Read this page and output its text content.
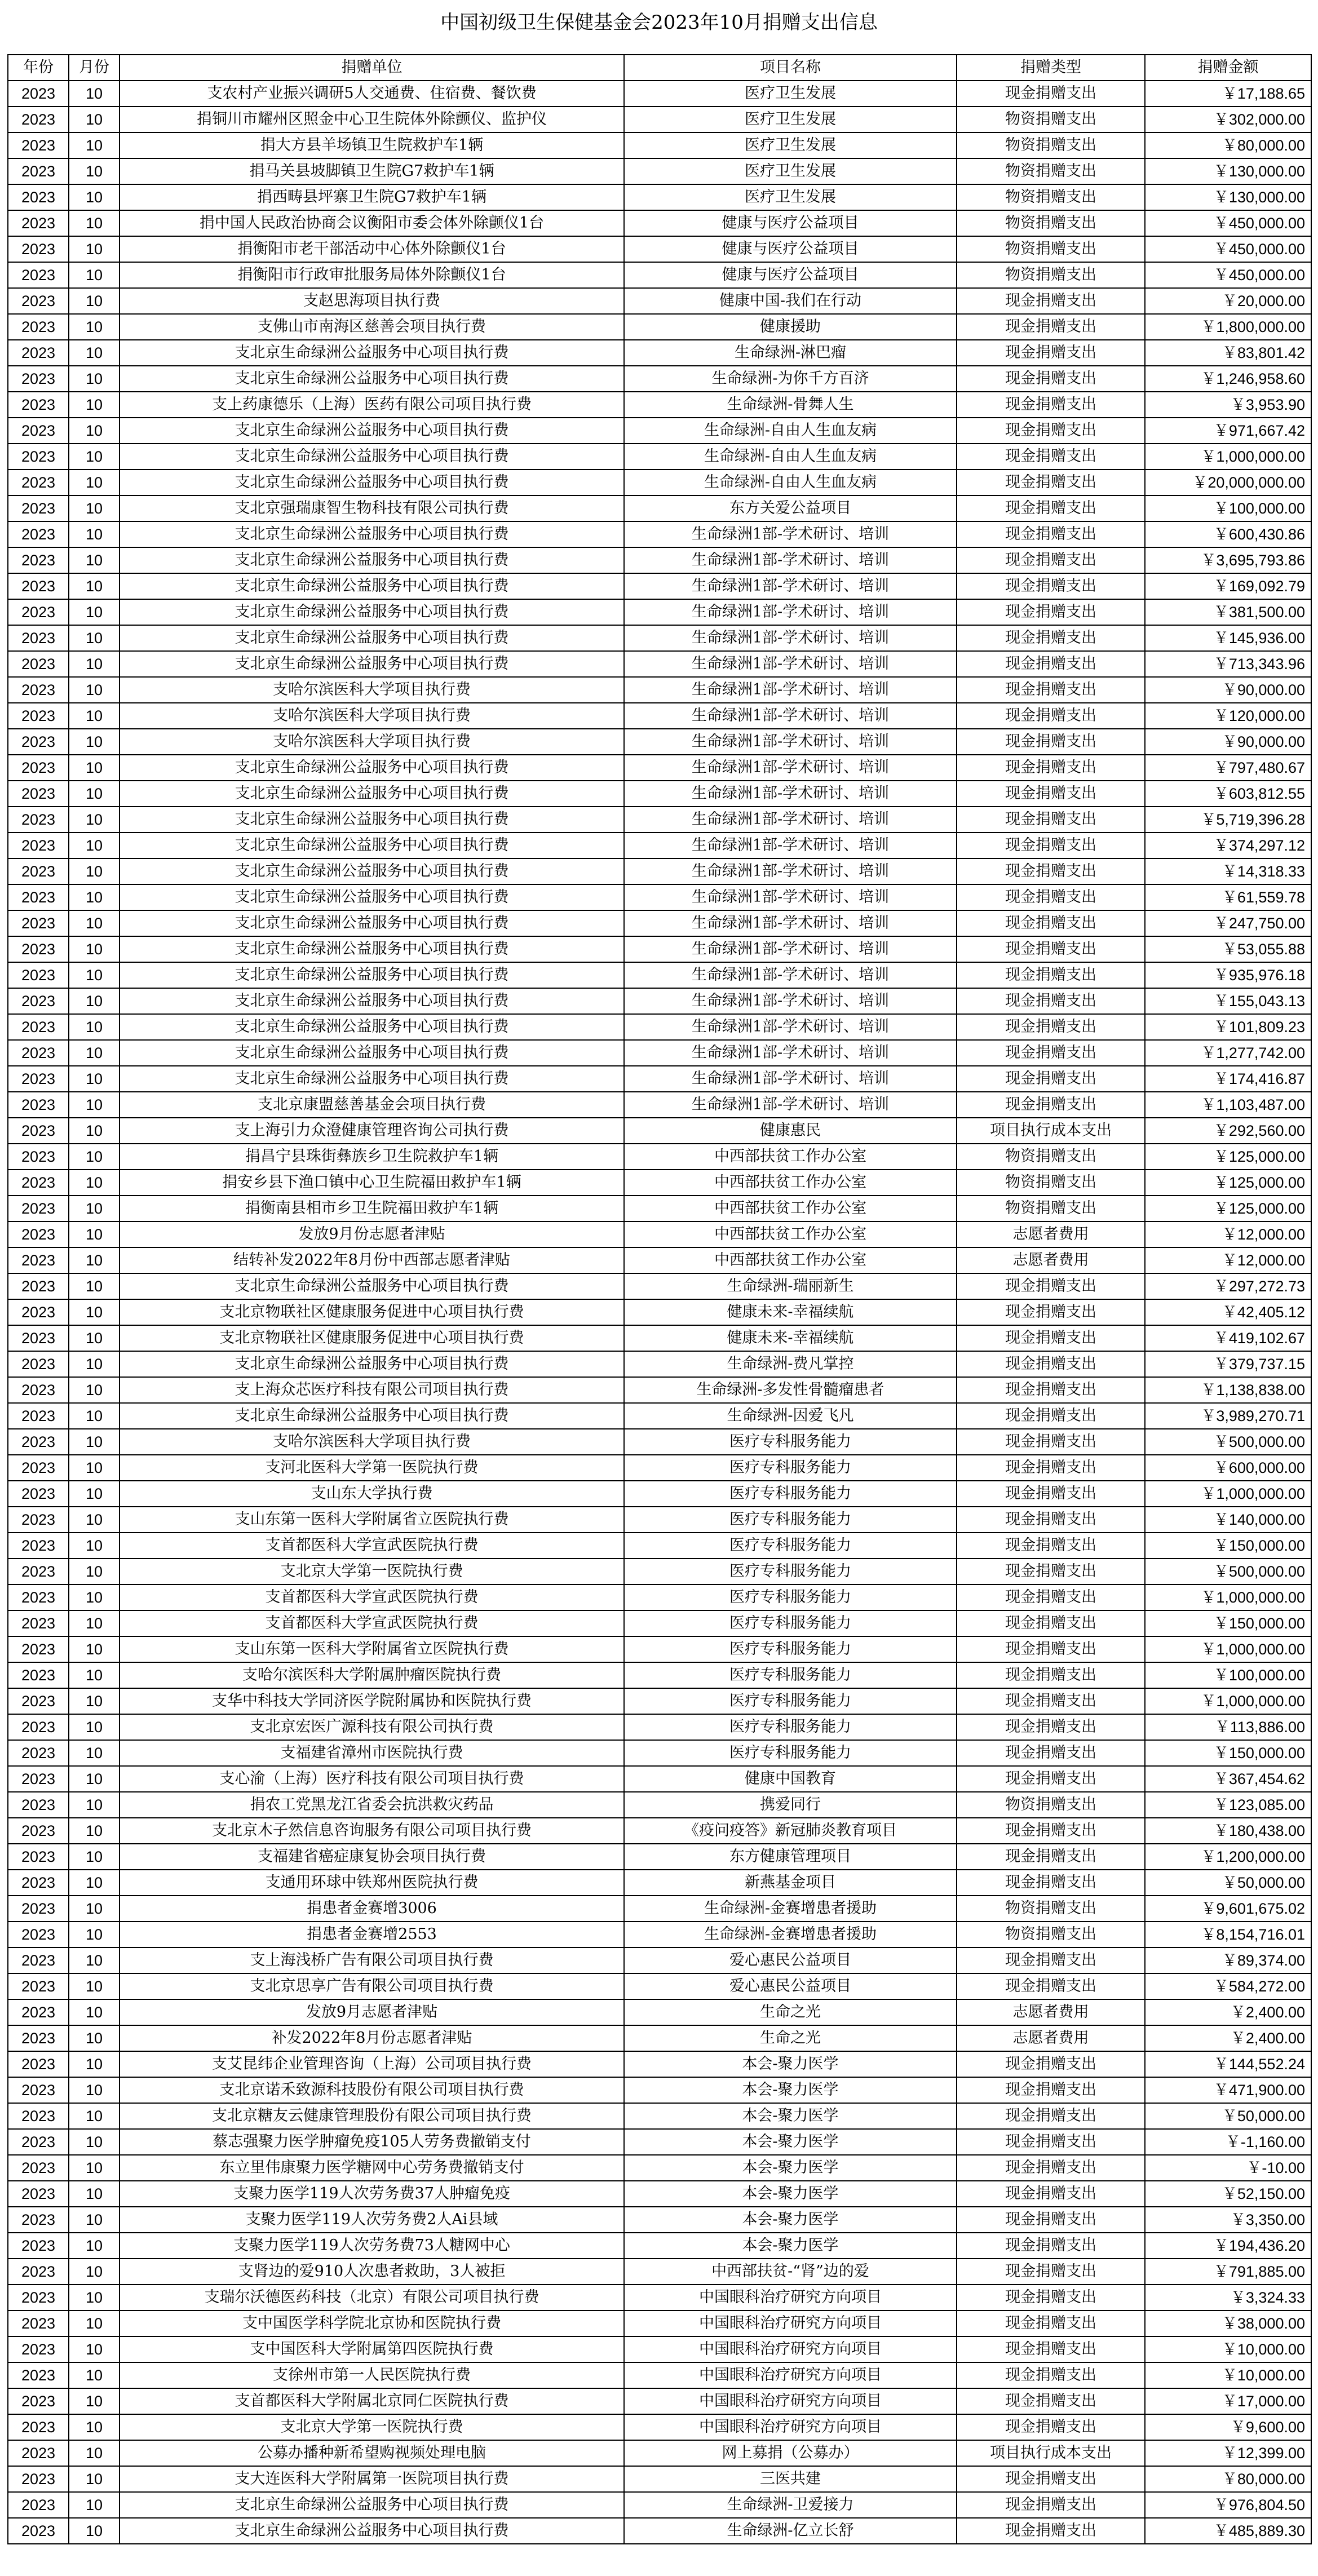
中国初级卫生保健基金会2023年10月捐赠支出信息
年份	月份	捐赠单位	项目名称	捐赠类型	捐赠金额
2023	10	支农村产业振兴调研5人交通费、住宿费、餐饮费	医疗卫生发展	现金捐赠支出	￥17,188.65
2023	10	捐铜川市耀州区照金中心卫生院体外除颤仪、监护仪	医疗卫生发展	物资捐赠支出	￥302,000.00
2023	10	捐大方县羊场镇卫生院救护车1辆	医疗卫生发展	物资捐赠支出	￥80,000.00
2023	10	捐马关县坡脚镇卫生院G7救护车1辆	医疗卫生发展	物资捐赠支出	￥130,000.00
2023	10	捐西畴县坪寨卫生院G7救护车1辆	医疗卫生发展	物资捐赠支出	￥130,000.00
2023	10	捐中国人民政治协商会议衡阳市委会体外除颤仪1台	健康与医疗公益项目	物资捐赠支出	￥450,000.00
2023	10	捐衡阳市老干部活动中心体外除颤仪1台	健康与医疗公益项目	物资捐赠支出	￥450,000.00
2023	10	捐衡阳市行政审批服务局体外除颤仪1台	健康与医疗公益项目	物资捐赠支出	￥450,000.00
2023	10	支赵思海项目执行费	健康中国-我们在行动	现金捐赠支出	￥20,000.00
2023	10	支佛山市南海区慈善会项目执行费	健康援助	现金捐赠支出	￥1,800,000.00
2023	10	支北京生命绿洲公益服务中心项目执行费	生命绿洲-淋巴瘤	现金捐赠支出	￥83,801.42
2023	10	支北京生命绿洲公益服务中心项目执行费	生命绿洲-为你千方百济	现金捐赠支出	￥1,246,958.60
2023	10	支上药康德乐（上海）医药有限公司项目执行费	生命绿洲-骨舞人生	现金捐赠支出	￥3,953.90
2023	10	支北京生命绿洲公益服务中心项目执行费	生命绿洲-自由人生血友病	现金捐赠支出	￥971,667.42
2023	10	支北京生命绿洲公益服务中心项目执行费	生命绿洲-自由人生血友病	现金捐赠支出	￥1,000,000.00
2023	10	支北京生命绿洲公益服务中心项目执行费	生命绿洲-自由人生血友病	现金捐赠支出	￥20,000,000.00
2023	10	支北京强瑞康智生物科技有限公司执行费	东方关爱公益项目	现金捐赠支出	￥100,000.00
2023	10	支北京生命绿洲公益服务中心项目执行费	生命绿洲1部-学术研讨、培训	现金捐赠支出	￥600,430.86
2023	10	支北京生命绿洲公益服务中心项目执行费	生命绿洲1部-学术研讨、培训	现金捐赠支出	￥3,695,793.86
2023	10	支北京生命绿洲公益服务中心项目执行费	生命绿洲1部-学术研讨、培训	现金捐赠支出	￥169,092.79
2023	10	支北京生命绿洲公益服务中心项目执行费	生命绿洲1部-学术研讨、培训	现金捐赠支出	￥381,500.00
2023	10	支北京生命绿洲公益服务中心项目执行费	生命绿洲1部-学术研讨、培训	现金捐赠支出	￥145,936.00
2023	10	支北京生命绿洲公益服务中心项目执行费	生命绿洲1部-学术研讨、培训	现金捐赠支出	￥713,343.96
2023	10	支哈尔滨医科大学项目执行费	生命绿洲1部-学术研讨、培训	现金捐赠支出	￥90,000.00
2023	10	支哈尔滨医科大学项目执行费	生命绿洲1部-学术研讨、培训	现金捐赠支出	￥120,000.00
2023	10	支哈尔滨医科大学项目执行费	生命绿洲1部-学术研讨、培训	现金捐赠支出	￥90,000.00
2023	10	支北京生命绿洲公益服务中心项目执行费	生命绿洲1部-学术研讨、培训	现金捐赠支出	￥797,480.67
2023	10	支北京生命绿洲公益服务中心项目执行费	生命绿洲1部-学术研讨、培训	现金捐赠支出	￥603,812.55
2023	10	支北京生命绿洲公益服务中心项目执行费	生命绿洲1部-学术研讨、培训	现金捐赠支出	￥5,719,396.28
2023	10	支北京生命绿洲公益服务中心项目执行费	生命绿洲1部-学术研讨、培训	现金捐赠支出	￥374,297.12
2023	10	支北京生命绿洲公益服务中心项目执行费	生命绿洲1部-学术研讨、培训	现金捐赠支出	￥14,318.33
2023	10	支北京生命绿洲公益服务中心项目执行费	生命绿洲1部-学术研讨、培训	现金捐赠支出	￥61,559.78
2023	10	支北京生命绿洲公益服务中心项目执行费	生命绿洲1部-学术研讨、培训	现金捐赠支出	￥247,750.00
2023	10	支北京生命绿洲公益服务中心项目执行费	生命绿洲1部-学术研讨、培训	现金捐赠支出	￥53,055.88
2023	10	支北京生命绿洲公益服务中心项目执行费	生命绿洲1部-学术研讨、培训	现金捐赠支出	￥935,976.18
2023	10	支北京生命绿洲公益服务中心项目执行费	生命绿洲1部-学术研讨、培训	现金捐赠支出	￥155,043.13
2023	10	支北京生命绿洲公益服务中心项目执行费	生命绿洲1部-学术研讨、培训	现金捐赠支出	￥101,809.23
2023	10	支北京生命绿洲公益服务中心项目执行费	生命绿洲1部-学术研讨、培训	现金捐赠支出	￥1,277,742.00
2023	10	支北京生命绿洲公益服务中心项目执行费	生命绿洲1部-学术研讨、培训	现金捐赠支出	￥174,416.87
2023	10	支北京康盟慈善基金会项目执行费	生命绿洲1部-学术研讨、培训	现金捐赠支出	￥1,103,487.00
2023	10	支上海引力众澄健康管理咨询公司执行费	健康惠民	项目执行成本支出	￥292,560.00
2023	10	捐昌宁县珠街彝族乡卫生院救护车1辆	中西部扶贫工作办公室	物资捐赠支出	￥125,000.00
2023	10	捐安乡县下渔口镇中心卫生院福田救护车1辆	中西部扶贫工作办公室	物资捐赠支出	￥125,000.00
2023	10	捐衡南县相市乡卫生院福田救护车1辆	中西部扶贫工作办公室	物资捐赠支出	￥125,000.00
2023	10	发放9月份志愿者津贴	中西部扶贫工作办公室	志愿者费用	￥12,000.00
2023	10	结转补发2022年8月份中西部志愿者津贴	中西部扶贫工作办公室	志愿者费用	￥12,000.00
2023	10	支北京生命绿洲公益服务中心项目执行费	生命绿洲-瑞丽新生	现金捐赠支出	￥297,272.73
2023	10	支北京物联社区健康服务促进中心项目执行费	健康未来-幸福续航	现金捐赠支出	￥42,405.12
2023	10	支北京物联社区健康服务促进中心项目执行费	健康未来-幸福续航	现金捐赠支出	￥419,102.67
2023	10	支北京生命绿洲公益服务中心项目执行费	生命绿洲-费凡掌控	现金捐赠支出	￥379,737.15
2023	10	支上海众芯医疗科技有限公司项目执行费	生命绿洲-多发性骨髓瘤患者	现金捐赠支出	￥1,138,838.00
2023	10	支北京生命绿洲公益服务中心项目执行费	生命绿洲-因爱飞凡	现金捐赠支出	￥3,989,270.71
2023	10	支哈尔滨医科大学项目执行费	医疗专科服务能力	现金捐赠支出	￥500,000.00
2023	10	支河北医科大学第一医院执行费	医疗专科服务能力	现金捐赠支出	￥600,000.00
2023	10	支山东大学执行费	医疗专科服务能力	现金捐赠支出	￥1,000,000.00
2023	10	支山东第一医科大学附属省立医院执行费	医疗专科服务能力	现金捐赠支出	￥140,000.00
2023	10	支首都医科大学宣武医院执行费	医疗专科服务能力	现金捐赠支出	￥150,000.00
2023	10	支北京大学第一医院执行费	医疗专科服务能力	现金捐赠支出	￥500,000.00
2023	10	支首都医科大学宣武医院执行费	医疗专科服务能力	现金捐赠支出	￥1,000,000.00
2023	10	支首都医科大学宣武医院执行费	医疗专科服务能力	现金捐赠支出	￥150,000.00
2023	10	支山东第一医科大学附属省立医院执行费	医疗专科服务能力	现金捐赠支出	￥1,000,000.00
2023	10	支哈尔滨医科大学附属肿瘤医院执行费	医疗专科服务能力	现金捐赠支出	￥100,000.00
2023	10	支华中科技大学同济医学院附属协和医院执行费	医疗专科服务能力	现金捐赠支出	￥1,000,000.00
2023	10	支北京宏医广源科技有限公司执行费	医疗专科服务能力	现金捐赠支出	￥113,886.00
2023	10	支福建省漳州市医院执行费	医疗专科服务能力	现金捐赠支出	￥150,000.00
2023	10	支心渝（上海）医疗科技有限公司项目执行费	健康中国教育	现金捐赠支出	￥367,454.62
2023	10	捐农工党黑龙江省委会抗洪救灾药品	携爱同行	物资捐赠支出	￥123,085.00
2023	10	支北京木子然信息咨询服务有限公司项目执行费	《疫问疫答》新冠肺炎教育项目	现金捐赠支出	￥180,438.00
2023	10	支福建省癌症康复协会项目执行费	东方健康管理项目	现金捐赠支出	￥1,200,000.00
2023	10	支通用环球中铁郑州医院执行费	新燕基金项目	现金捐赠支出	￥50,000.00
2023	10	捐患者金赛增3006	生命绿洲-金赛增患者援助	物资捐赠支出	￥9,601,675.02
2023	10	捐患者金赛增2553	生命绿洲-金赛增患者援助	物资捐赠支出	￥8,154,716.01
2023	10	支上海浅桥广告有限公司项目执行费	爱心惠民公益项目	现金捐赠支出	￥89,374.00
2023	10	支北京思享广告有限公司项目执行费	爱心惠民公益项目	现金捐赠支出	￥584,272.00
2023	10	发放9月志愿者津贴	生命之光	志愿者费用	￥2,400.00
2023	10	补发2022年8月份志愿者津贴	生命之光	志愿者费用	￥2,400.00
2023	10	支艾昆纬企业管理咨询（上海）公司项目执行费	本会-聚力医学	现金捐赠支出	￥144,552.24
2023	10	支北京诺禾致源科技股份有限公司项目执行费	本会-聚力医学	现金捐赠支出	￥471,900.00
2023	10	支北京糖友云健康管理股份有限公司项目执行费	本会-聚力医学	现金捐赠支出	￥50,000.00
2023	10	蔡志强聚力医学肿瘤免疫105人劳务费撤销支付	本会-聚力医学	现金捐赠支出	￥-1,160.00
2023	10	东立里伟康聚力医学糖网中心劳务费撤销支付	本会-聚力医学	现金捐赠支出	￥-10.00
2023	10	支聚力医学119人次劳务费37人肿瘤免疫	本会-聚力医学	现金捐赠支出	￥52,150.00
2023	10	支聚力医学119人次劳务费2人Ai县域	本会-聚力医学	现金捐赠支出	￥3,350.00
2023	10	支聚力医学119人次劳务费73人糖网中心	本会-聚力医学	现金捐赠支出	￥194,436.20
2023	10	支肾边的爱910人次患者救助，3人被拒	中西部扶贫-“肾”边的爱	现金捐赠支出	￥791,885.00
2023	10	支瑞尔沃德医药科技（北京）有限公司项目执行费	中国眼科治疗研究方向项目	现金捐赠支出	￥3,324.33
2023	10	支中国医学科学院北京协和医院执行费	中国眼科治疗研究方向项目	现金捐赠支出	￥38,000.00
2023	10	支中国医科大学附属第四医院执行费	中国眼科治疗研究方向项目	现金捐赠支出	￥10,000.00
2023	10	支徐州市第一人民医院执行费	中国眼科治疗研究方向项目	现金捐赠支出	￥10,000.00
2023	10	支首都医科大学附属北京同仁医院执行费	中国眼科治疗研究方向项目	现金捐赠支出	￥17,000.00
2023	10	支北京大学第一医院执行费	中国眼科治疗研究方向项目	现金捐赠支出	￥9,600.00
2023	10	公募办播种新希望购视频处理电脑	网上募捐（公募办）	项目执行成本支出	￥12,399.00
2023	10	支大连医科大学附属第一医院项目执行费	三医共建	现金捐赠支出	￥80,000.00
2023	10	支北京生命绿洲公益服务中心项目执行费	生命绿洲-卫爱接力	现金捐赠支出	￥976,804.50
2023	10	支北京生命绿洲公益服务中心项目执行费	生命绿洲-亿立长舒	现金捐赠支出	￥485,889.30
